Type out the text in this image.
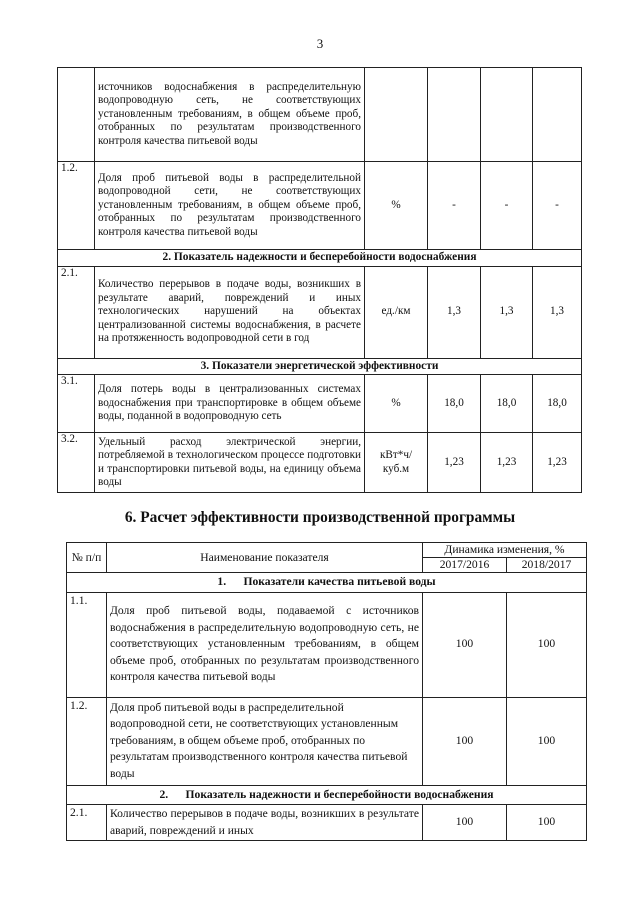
3
	источников водоснабжения в распределительную водопроводную сеть, не соответствующих установленным требованиям, в общем объеме проб, отобранных по результатам производственного контроля качества питьевой воды				
1.2.	Доля проб питьевой воды в распределительной водопроводной сети, не соответствующих установленным требованиям, в общем объеме проб, отобранных по результатам производственного контроля качества питьевой воды	%	-	-	-
2. Показатель надежности и бесперебойности водоснабжения					
2.1.	Количество перерывов в подаче воды, возникших в результате аварий, повреждений и иных технологических нарушений на объектах централизованной системы водоснабжения, в расчете на протяженность водопроводной сети в год	ед./км	1,3	1,3	1,3
3. Показатели энергетической эффективности					
3.1.	Доля потерь воды в централизованных системах водоснабжения при транспортировке в общем объеме воды, поданной в водопроводную сеть	%	18,0	18,0	18,0
3.2.	Удельный расход электрической энергии, потребляемой в технологическом процессе подготовки и транспортировки питьевой воды, на единицу объема воды	кВт*ч/ куб.м	1,23	1,23	1,23
6. Расчет эффективности производственной программы
№ п/п	Наименование показателя	Динамика изменения, %	
		2017/2016	2018/2017
1.      Показатели качества питьевой воды			
1.1.	Доля проб питьевой воды, подаваемой с источников водоснабжения в распределительную водопроводную сеть, не соответствующих установленным требованиям, в общем объеме проб, отобранных по результатам производственного контроля качества питьевой воды	100	100
1.2.	Доля проб питьевой воды в распределительной водопроводной сети, не соответствующих установленным требованиям, в общем объеме проб, отобранных по результатам производственного контроля качества питьевой воды	100	100
2.      Показатель надежности и бесперебойности водоснабжения			
2.1.	Количество перерывов в подаче воды, возникших в результате аварий, повреждений и иных	100	100
